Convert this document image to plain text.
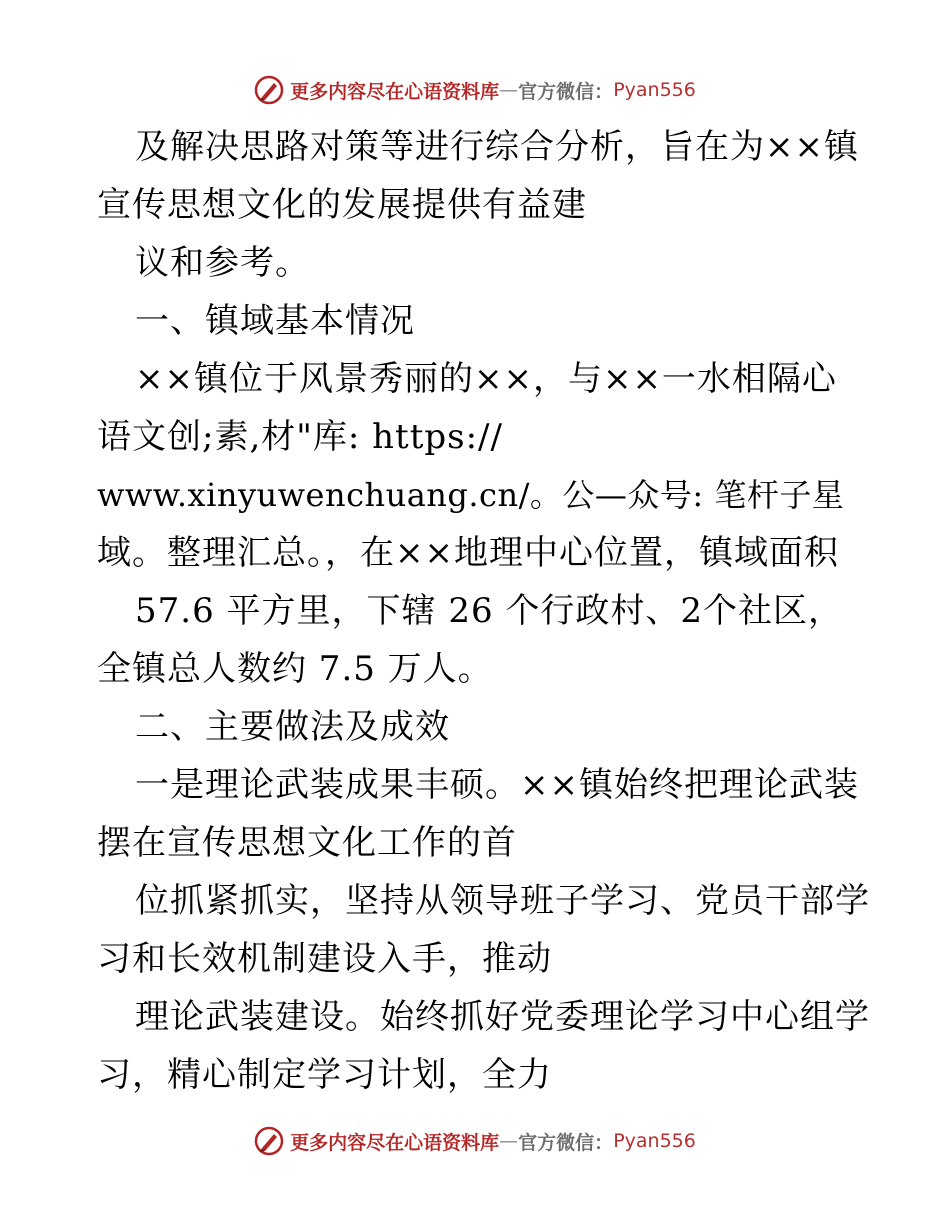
更多内容尽在心语资料库 — 官方微信： Pyan556
及解决思路对策等进行综合分析，旨在为××镇
宣传思想文化的发展提供有益建
议和参考。
一、镇域基本情况
××镇位于风景秀丽的××，与××一水相隔心
语文创;素,材"库: https://
www.xinyuwenchuang.cn/。公—众号: 笔杆子星
域。整理汇总。，在××地理中心位置，镇域面积
57.6 平方里，下辖 26 个行政村、2个社区，
全镇总人数约 7.5 万人。
二、主要做法及成效
一是理论武装成果丰硕。××镇始终把理论武装
摆在宣传思想文化工作的首
位抓紧抓实，坚持从领导班子学习、党员干部学
习和长效机制建设入手，推动
理论武装建设。始终抓好党委理论学习中心组学
习，精心制定学习计划，全力
更多内容尽在心语资料库 — 官方微信： Pyan556
